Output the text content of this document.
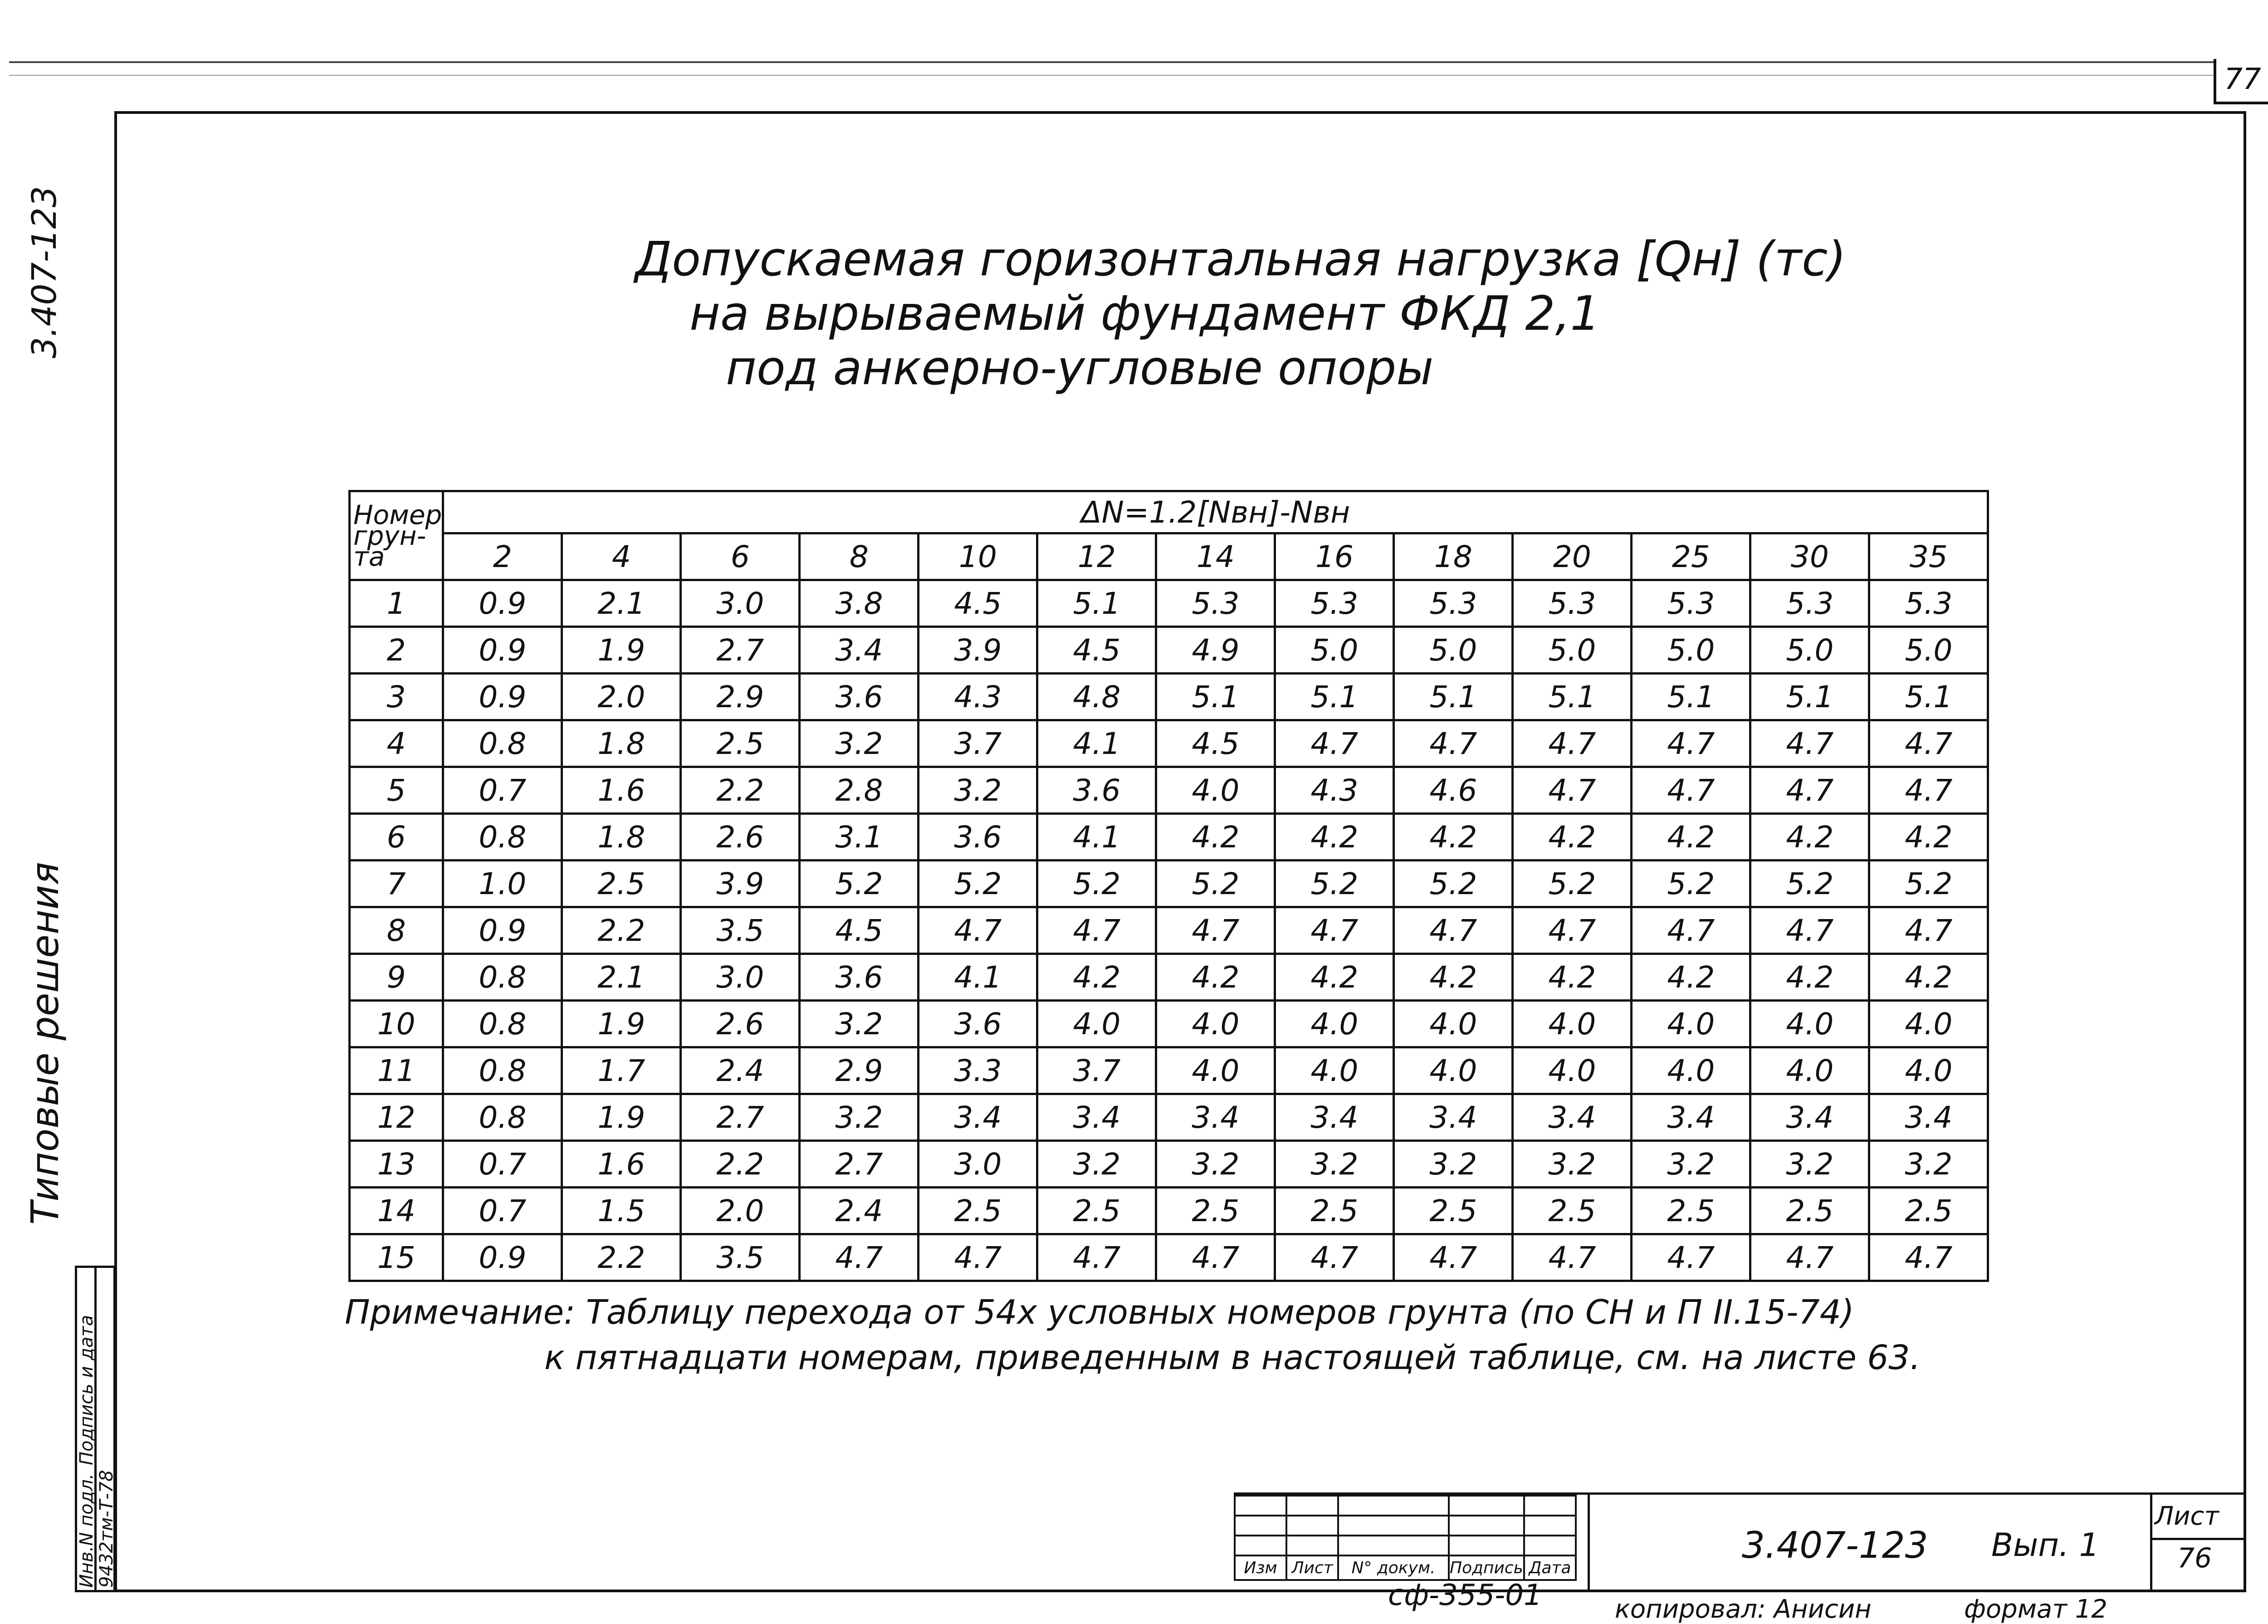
77
3.407-123
Типовые решения
Инв.N подл.
Подпись и дата
9432тм-Т-78
Допускаемая горизонтальная нагрузка [Qн] (тс)
на вырываемый фундамент ФКД 2,1
под анкерно-угловые опоры
Номер грун-та	ΔN=1.2[Nвн]-Nвн												
	2	4	6	8	10	12	14	16	18	20	25	30	35
1	0.9	2.1	3.0	3.8	4.5	5.1	5.3	5.3	5.3	5.3	5.3	5.3	5.3
2	0.9	1.9	2.7	3.4	3.9	4.5	4.9	5.0	5.0	5.0	5.0	5.0	5.0
3	0.9	2.0	2.9	3.6	4.3	4.8	5.1	5.1	5.1	5.1	5.1	5.1	5.1
4	0.8	1.8	2.5	3.2	3.7	4.1	4.5	4.7	4.7	4.7	4.7	4.7	4.7
5	0.7	1.6	2.2	2.8	3.2	3.6	4.0	4.3	4.6	4.7	4.7	4.7	4.7
6	0.8	1.8	2.6	3.1	3.6	4.1	4.2	4.2	4.2	4.2	4.2	4.2	4.2
7	1.0	2.5	3.9	5.2	5.2	5.2	5.2	5.2	5.2	5.2	5.2	5.2	5.2
8	0.9	2.2	3.5	4.5	4.7	4.7	4.7	4.7	4.7	4.7	4.7	4.7	4.7
9	0.8	2.1	3.0	3.6	4.1	4.2	4.2	4.2	4.2	4.2	4.2	4.2	4.2
10	0.8	1.9	2.6	3.2	3.6	4.0	4.0	4.0	4.0	4.0	4.0	4.0	4.0
11	0.8	1.7	2.4	2.9	3.3	3.7	4.0	4.0	4.0	4.0	4.0	4.0	4.0
12	0.8	1.9	2.7	3.2	3.4	3.4	3.4	3.4	3.4	3.4	3.4	3.4	3.4
13	0.7	1.6	2.2	2.7	3.0	3.2	3.2	3.2	3.2	3.2	3.2	3.2	3.2
14	0.7	1.5	2.0	2.4	2.5	2.5	2.5	2.5	2.5	2.5	2.5	2.5	2.5
15	0.9	2.2	3.5	4.7	4.7	4.7	4.7	4.7	4.7	4.7	4.7	4.7	4.7
Примечание: Таблицу перехода от 54х условных номеров грунта (по СН и П II.15-74)
к пятнадцати номерам, приведенным в настоящей таблице, см. на листе 63.

Изм	Лист	N° докум.	Подпись	Дата
3.407-123 Вып. 1
Лист
76
сф-355-01	копировал: Анисин	формат 12
